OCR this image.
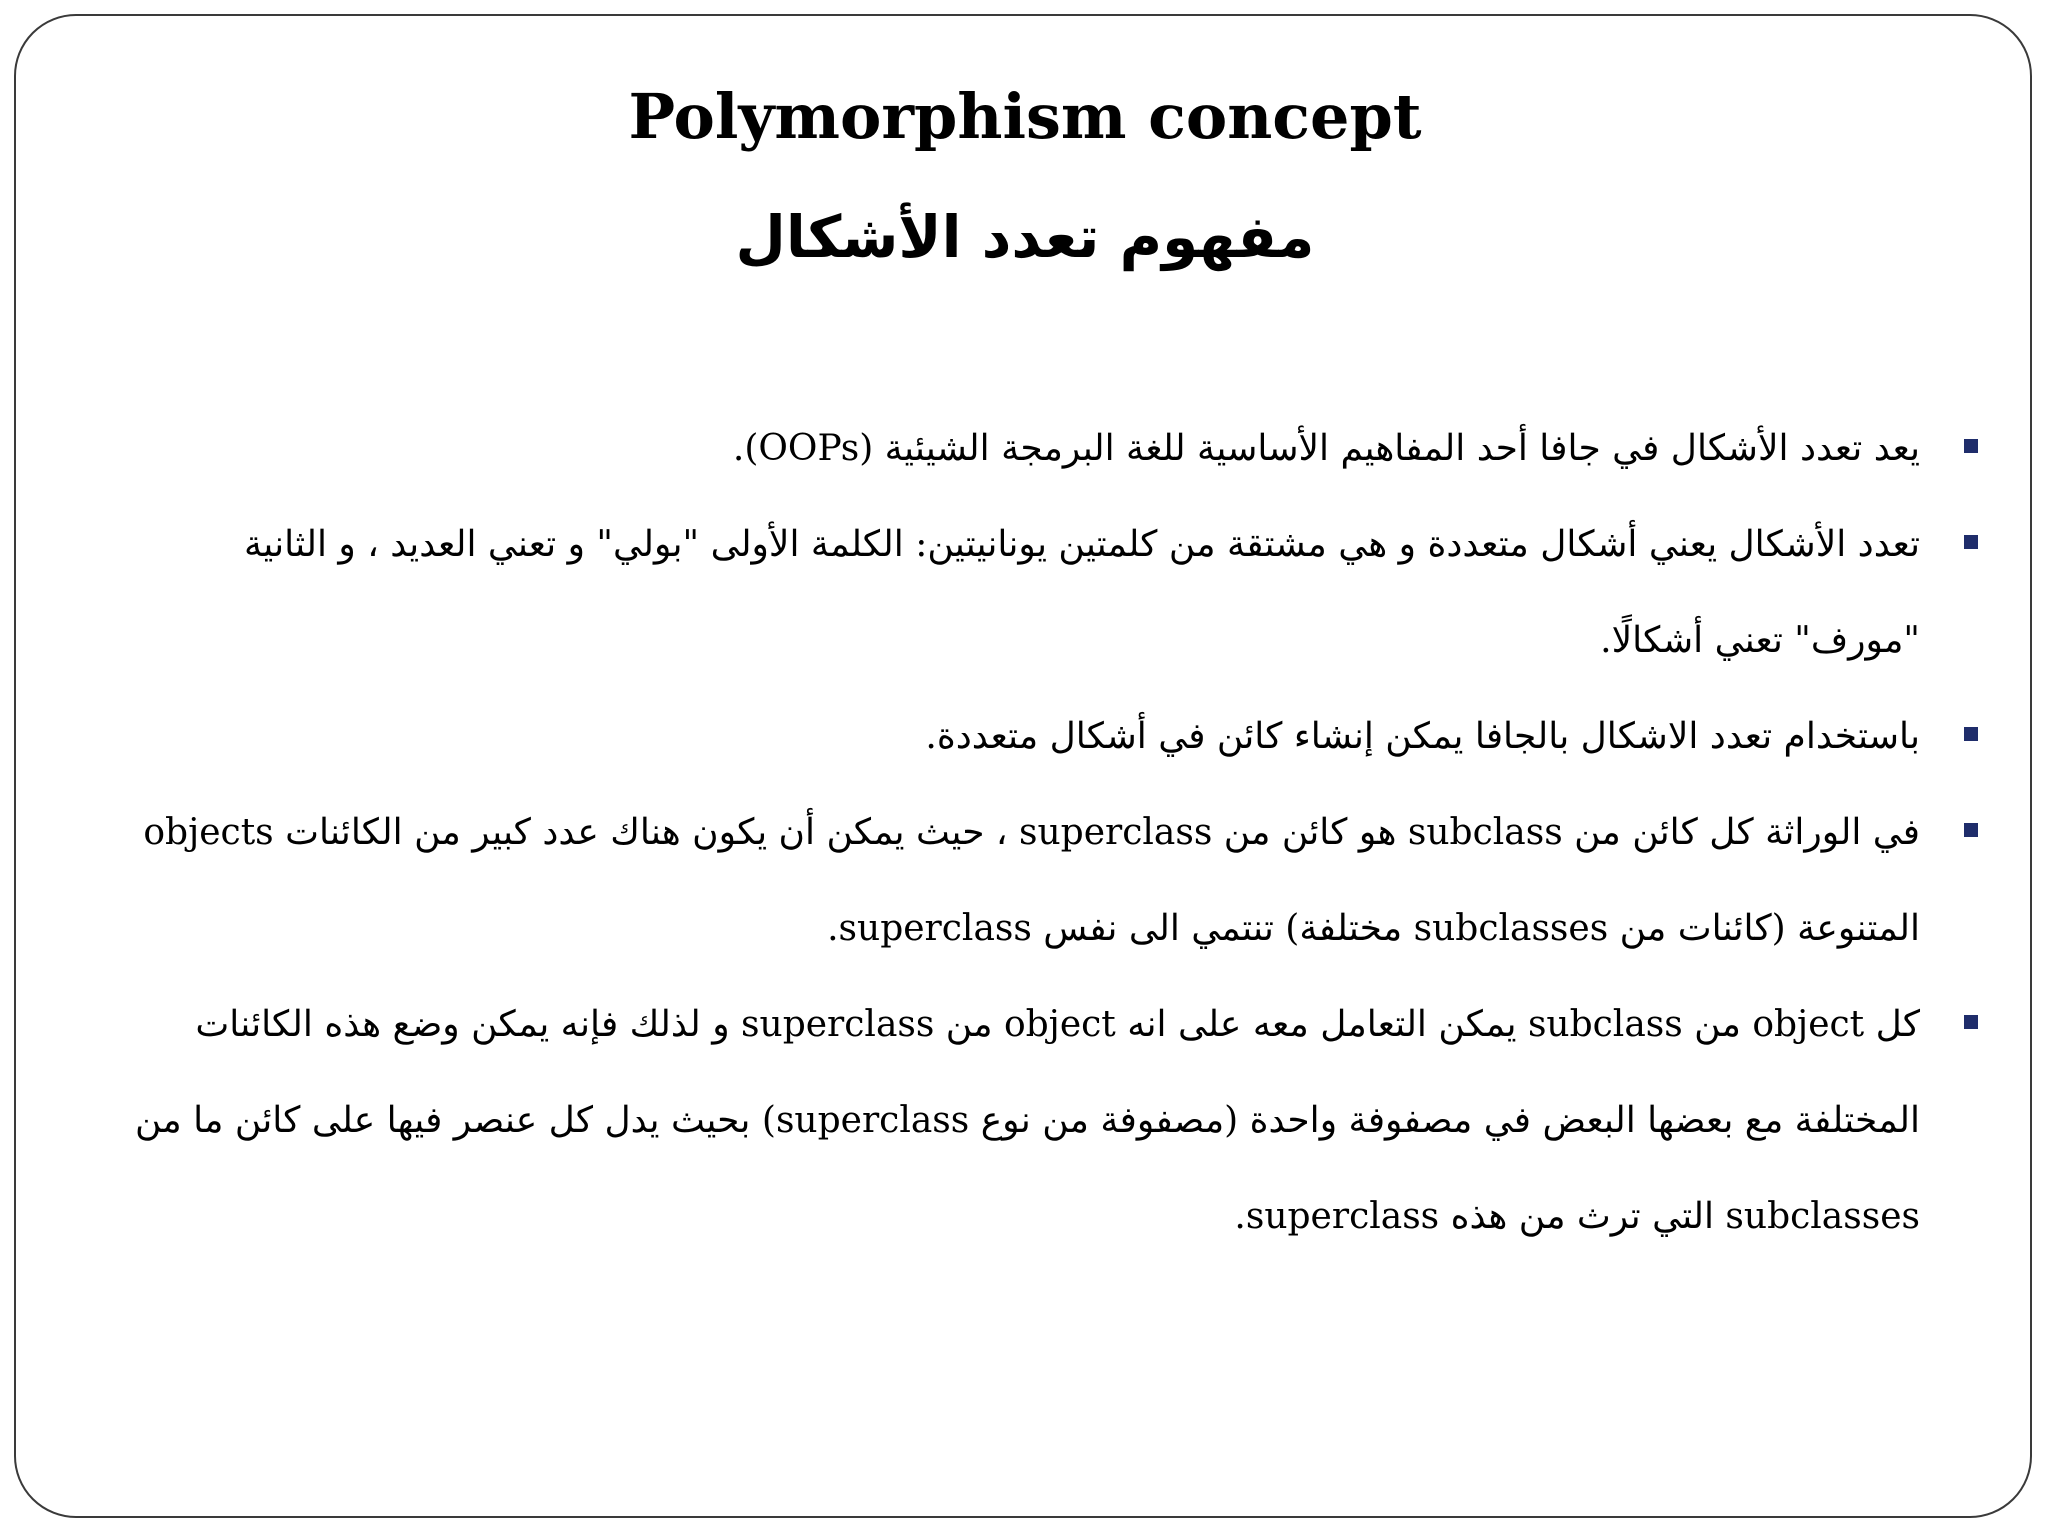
Polymorphism concept
مفهوم تعدد الأشكال
يعد تعدد الأشكال في جافا أحد المفاهيم الأساسية للغة البرمجة الشيئية (OOPs).
تعدد الأشكال يعني أشكال متعددة و هي مشتقة من كلمتين يونانيتين: الكلمة الأولى "بولي" و تعني العديد ، و الثانية "مورف" تعني أشكالًا.
باستخدام تعدد الاشكال بالجافا يمكن إنشاء كائن في أشكال متعددة.
في الوراثة كل كائن من subclass هو كائن من superclass ، حيث يمكن أن يكون هناك عدد كبير من الكائنات objects المتنوعة (كائنات من subclasses مختلفة) تنتمي الى نفس superclass.
كل object من subclass يمكن التعامل معه على انه object من superclass و لذلك فإنه يمكن وضع هذه الكائنات المختلفة مع بعضها البعض في مصفوفة واحدة (مصفوفة من نوع superclass) بحيث يدل كل عنصر فيها على كائن ما من subclasses التي ترث من هذه superclass.
